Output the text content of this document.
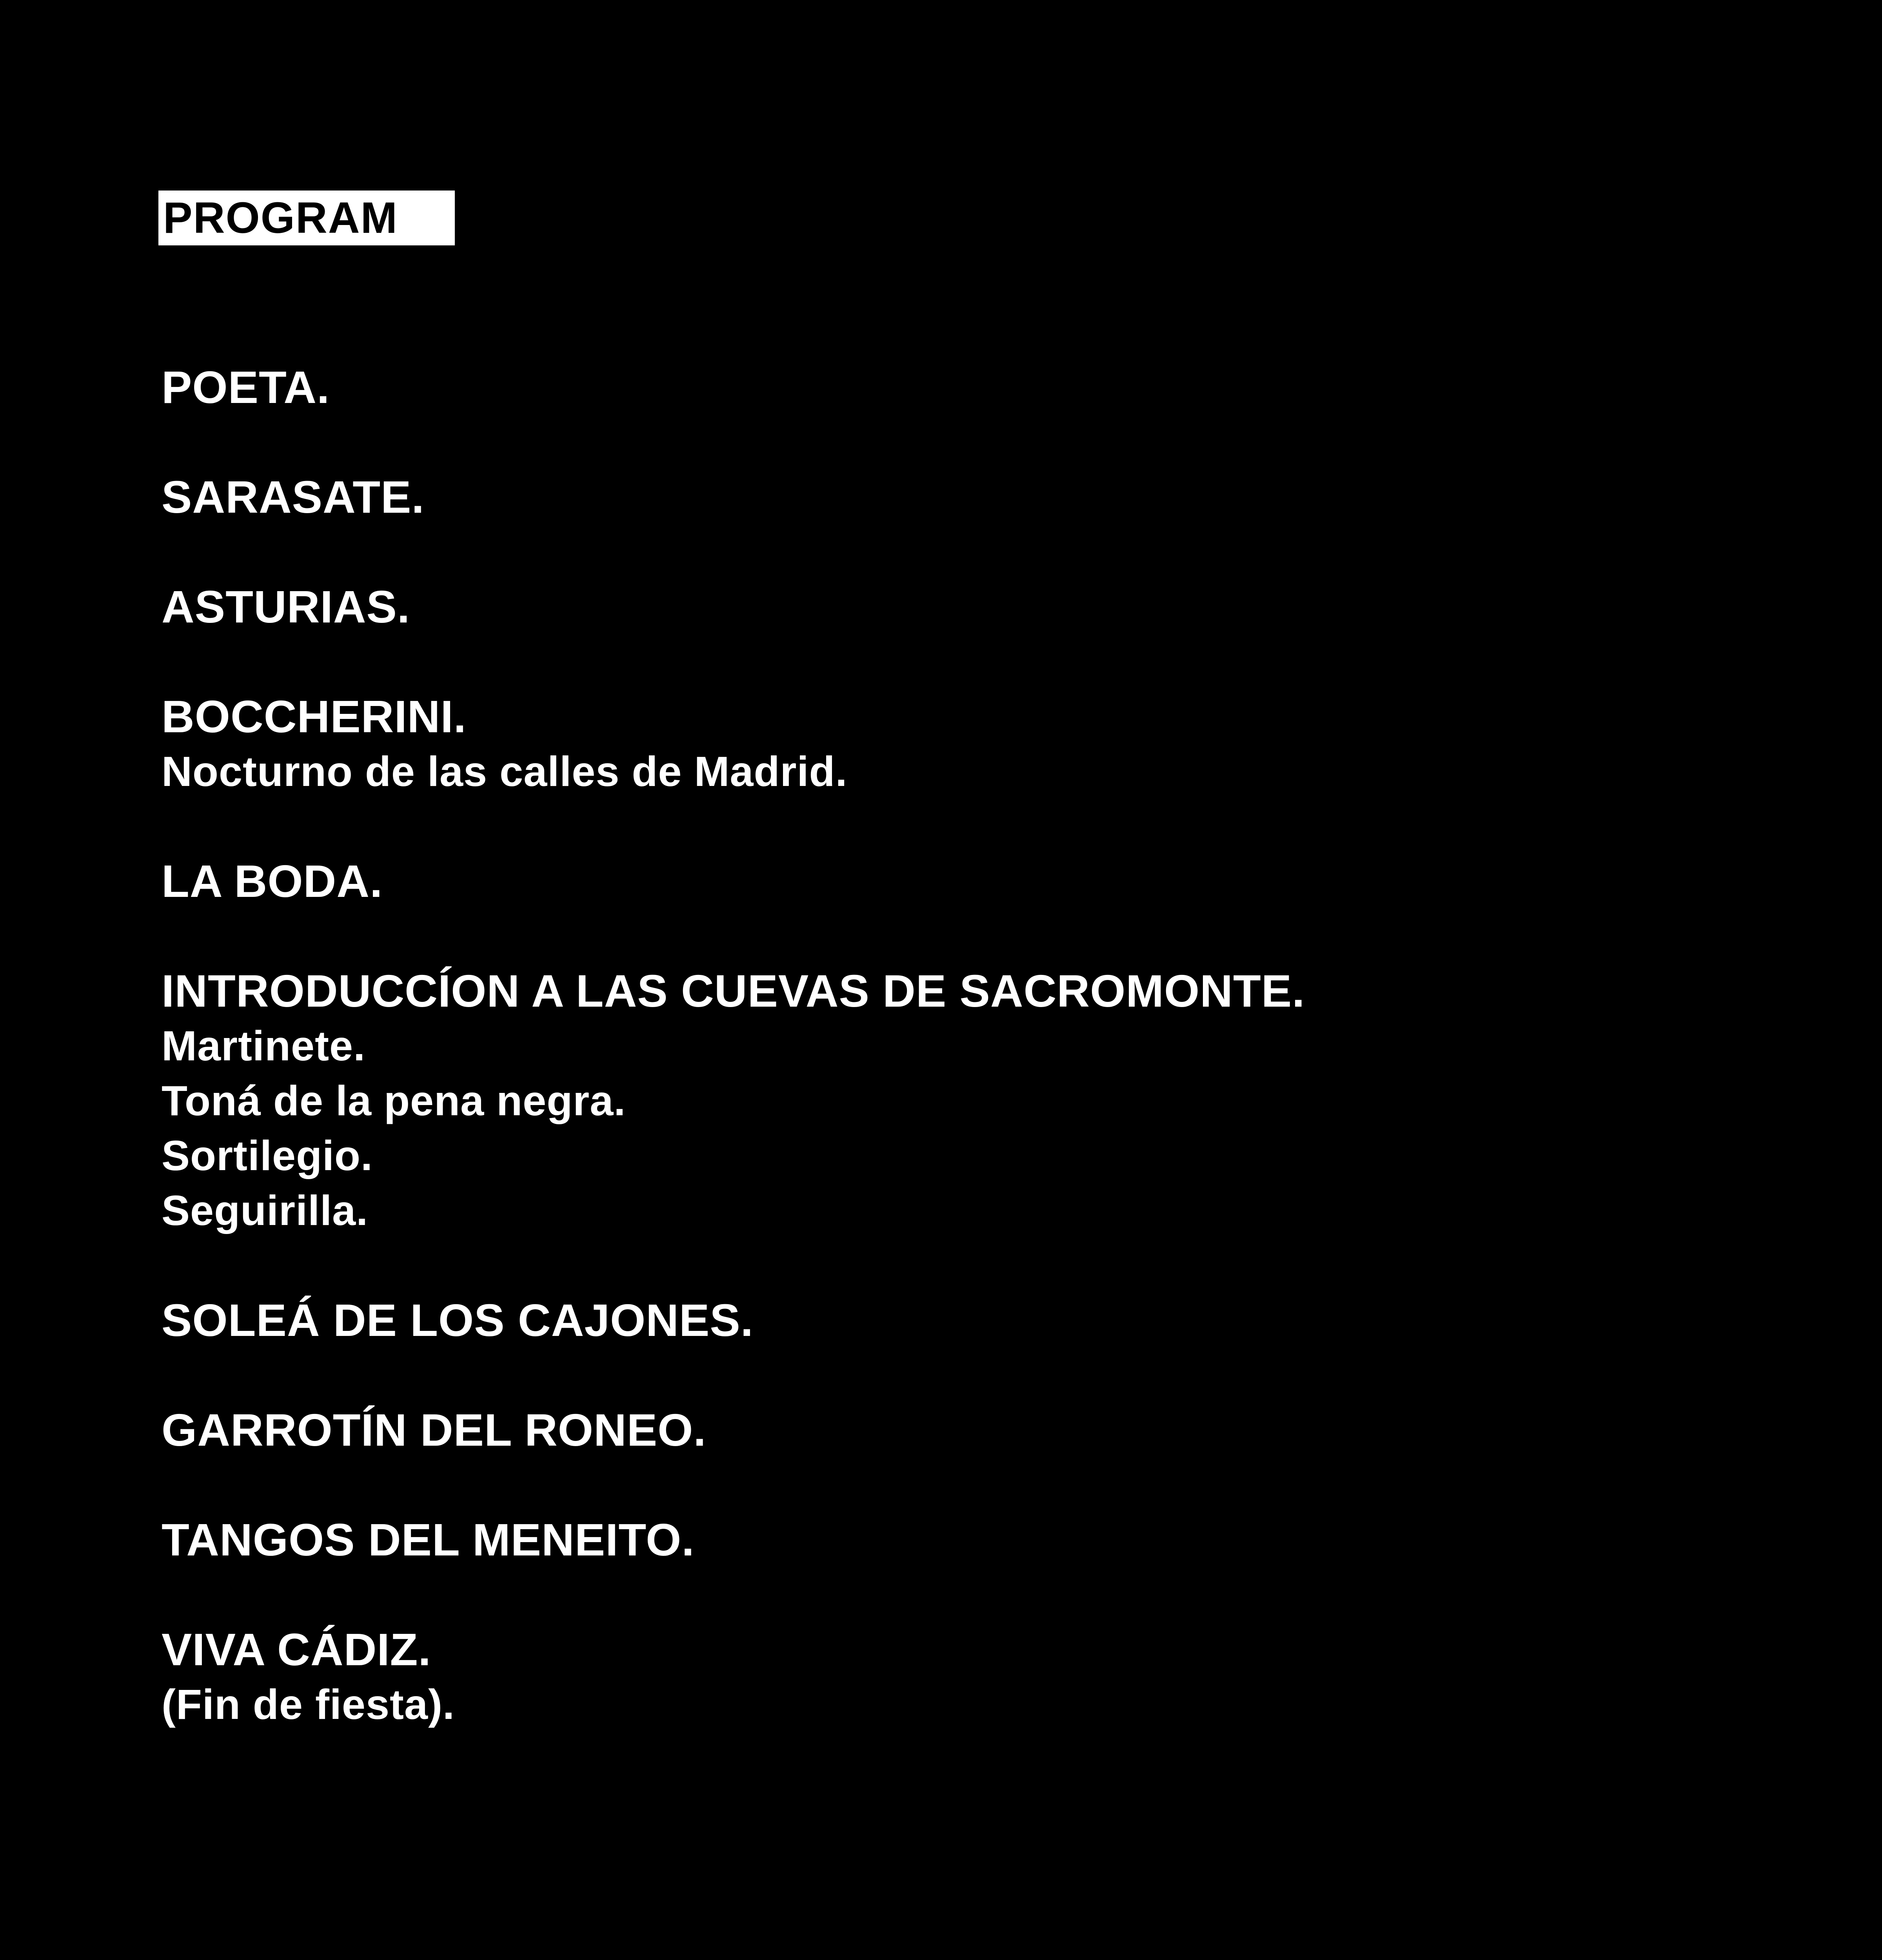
PROGRAM
POETA.
SARASATE.
ASTURIAS.
BOCCHERINI.
Nocturno de las calles de Madrid.
LA BODA.
INTRODUCCÍON A LAS CUEVAS DE SACROMONTE.
Martinete.
Toná de la pena negra.
Sortilegio.
Seguirilla.
SOLEÁ DE LOS CAJONES.
GARROTÍN DEL RONEO.
TANGOS DEL MENEITO.
VIVA CÁDIZ.
(Fin de fiesta).
